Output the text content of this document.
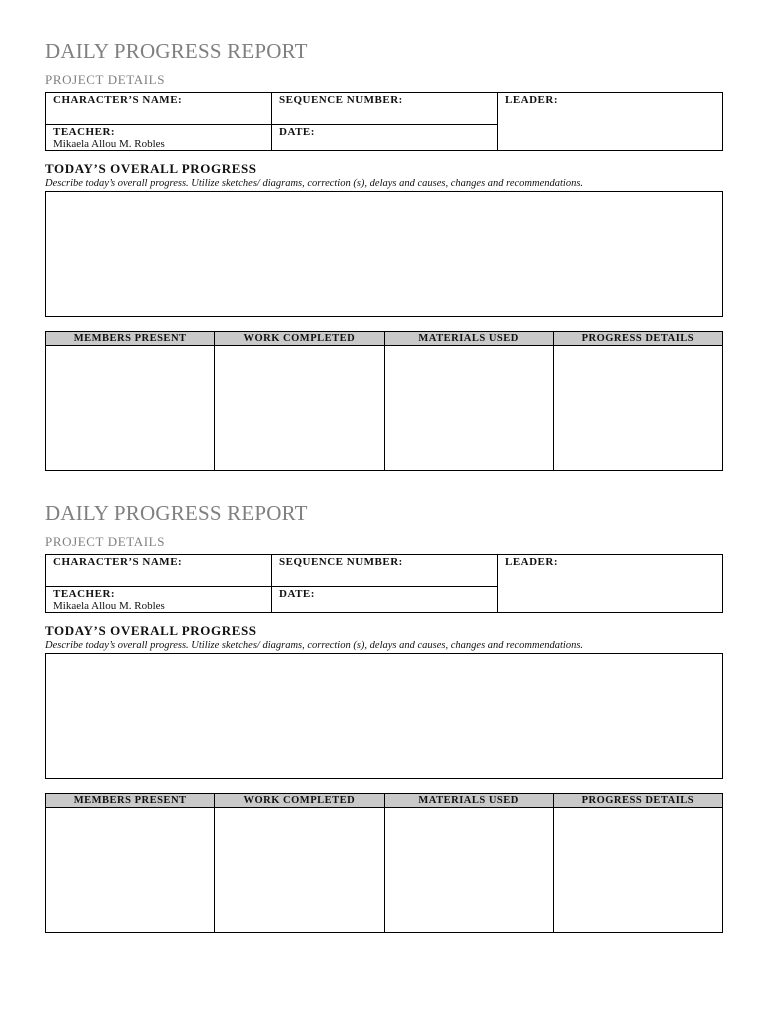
DAILY PROGRESS REPORT
PROJECT DETAILS
CHARACTER’S NAME:	SEQUENCE NUMBER:	LEADER:
TEACHER:
Mikaela Allou M. Robles
DATE:
TODAY’S OVERALL PROGRESS
Describe today’s overall progress. Utilize sketches/ diagrams, correction (s), delays and causes, changes and recommendations.
MEMBERS PRESENT	WORK COMPLETED	MATERIALS USED	PROGRESS DETAILS
DAILY PROGRESS REPORT
PROJECT DETAILS
CHARACTER’S NAME:	SEQUENCE NUMBER:	LEADER:
TEACHER:
Mikaela Allou M. Robles
DATE:
TODAY’S OVERALL PROGRESS
Describe today’s overall progress. Utilize sketches/ diagrams, correction (s), delays and causes, changes and recommendations.
MEMBERS PRESENT	WORK COMPLETED	MATERIALS USED	PROGRESS DETAILS
